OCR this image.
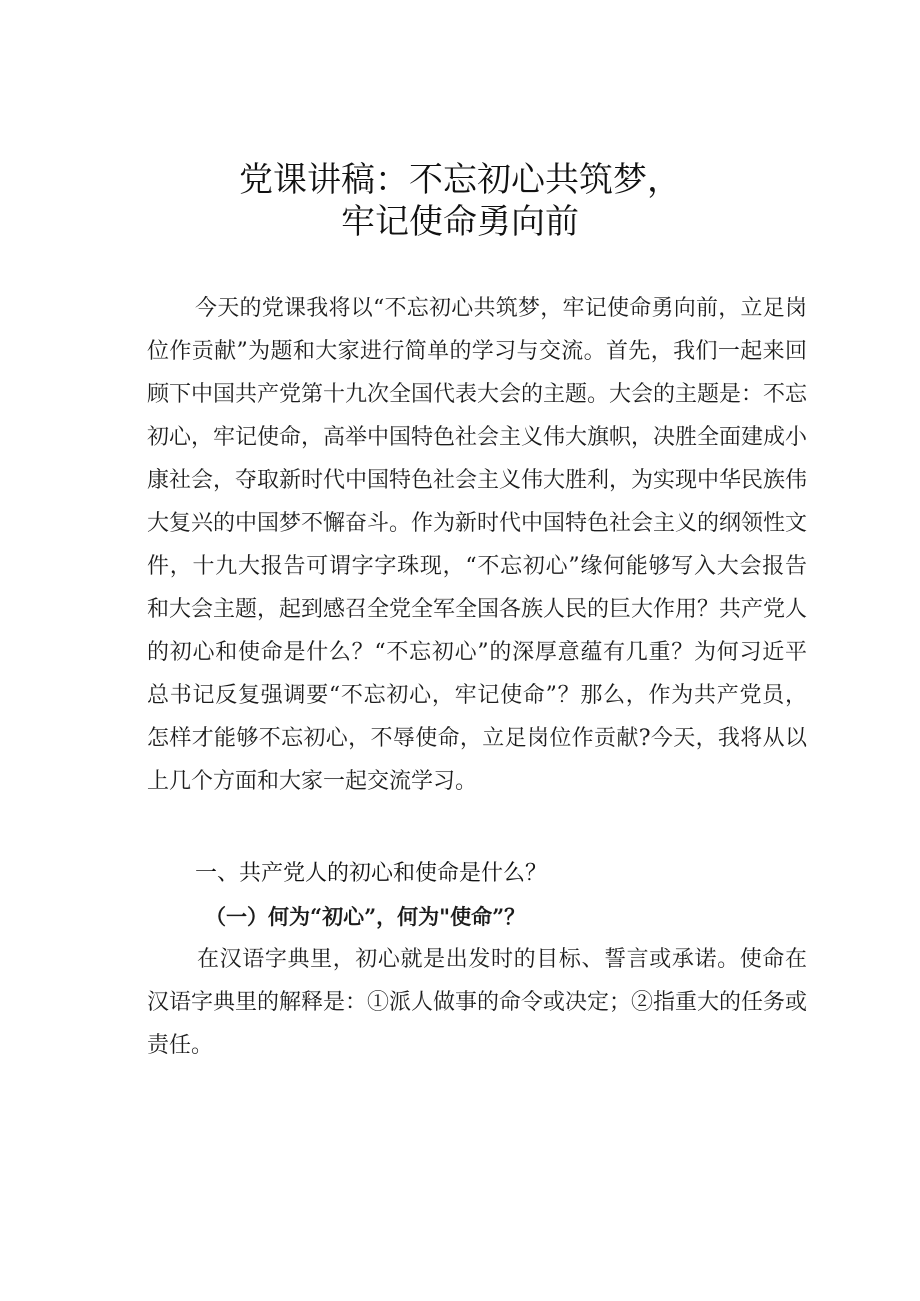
党课讲稿：不忘初心共筑梦，
牢记使命勇向前

今天的党课我将以“不忘初心共筑梦，牢记使命勇向前，立足岗位作贡献”为题和大家进行简单的学习与交流。首先，我们一起来回顾下中国共产党第十九次全国代表大会的主题。大会的主题是：不忘初心，牢记使命，高举中国特色社会主义伟大旗帜，决胜全面建成小康社会，夺取新时代中国特色社会主义伟大胜利，为实现中华民族伟大复兴的中国梦不懈奋斗。作为新时代中国特色社会主义的纲领性文件，十九大报告可谓字字珠现，“不忘初心”缘何能够写入大会报告和大会主题，起到感召全党全军全国各族人民的巨大作用？共产党人的初心和使命是什么？“不忘初心”的深厚意蕴有几重？为何习近平总书记反复强调要“不忘初心，牢记使命”？那么，作为共产党员，怎样才能够不忘初心，不辱使命，立足岗位作贡献?今天，我将从以上几个方面和大家一起交流学习。

一、共产党人的初心和使命是什么？
（一）何为“初心”，何为"使命”？

在汉语字典里，初心就是出发时的目标、誓言或承诺。使命在汉语字典里的解释是：①派人做事的命令或决定；②指重大的任务或责任。
